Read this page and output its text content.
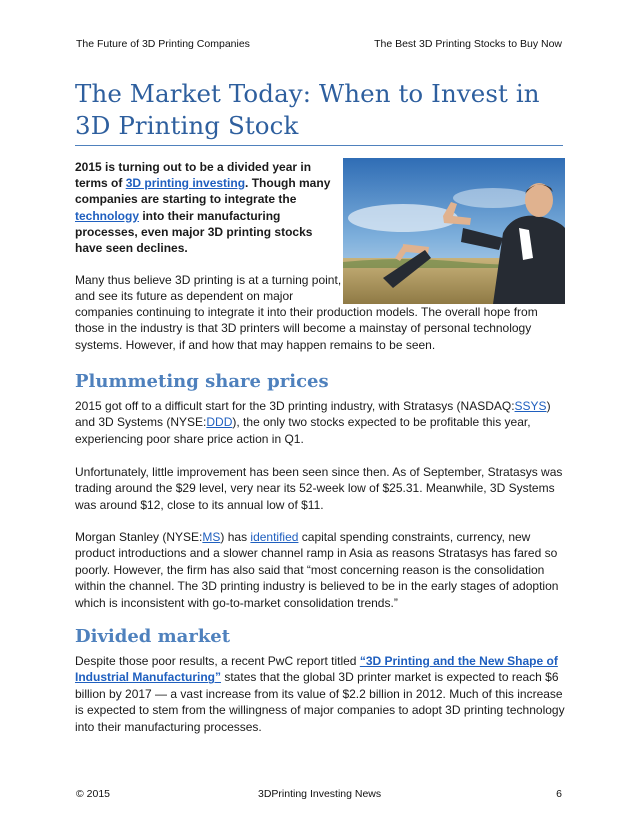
The Future of 3D Printing Companies	The Best 3D Printing Stocks to Buy Now
The Market Today: When to Invest in 3D Printing Stock

2015 is turning out to be a divided year in terms of 3D printing investing. Though many companies are starting to integrate the technology into their manufacturing processes, even major 3D printing stocks have seen declines.

Many thus believe 3D printing is at a turning point, and see its future as dependent on major

companies continuing to integrate it into their production models. The overall hope from those in the industry is that 3D printers will become a mainstay of personal technology systems. However, if and how that may happen remains to be seen.

Plummeting share prices

2015 got off to a difficult start for the 3D printing industry, with Stratasys (NASDAQ:SSYS) and 3D Systems (NYSE:DDD), the only two stocks expected to be profitable this year, experiencing poor share price action in Q1.

Unfortunately, little improvement has been seen since then. As of September, Stratasys was trading around the $29 level, very near its 52-week low of $25.31. Meanwhile, 3D Systems was around $12, close to its annual low of $11.

Morgan Stanley (NYSE:MS) has identified capital spending constraints, currency, new product introductions and a slower channel ramp in Asia as reasons Stratasys has fared so poorly. However, the firm has also said that “most concerning reason is the consolidation within the channel. The 3D printing industry is believed to be in the early stages of adoption which is inconsistent with go-to-market consolidation trends.”

Divided market

Despite those poor results, a recent PwC report titled “3D Printing and the New Shape of Industrial Manufacturing” states that the global 3D printer market is expected to reach $6 billion by 2017 — a vast increase from its value of $2.2 billion in 2012. Much of this increase is expected to stem from the willingness of major companies to adopt 3D printing technology into their manufacturing processes.

© 2015	3DPrinting Investing News	6
